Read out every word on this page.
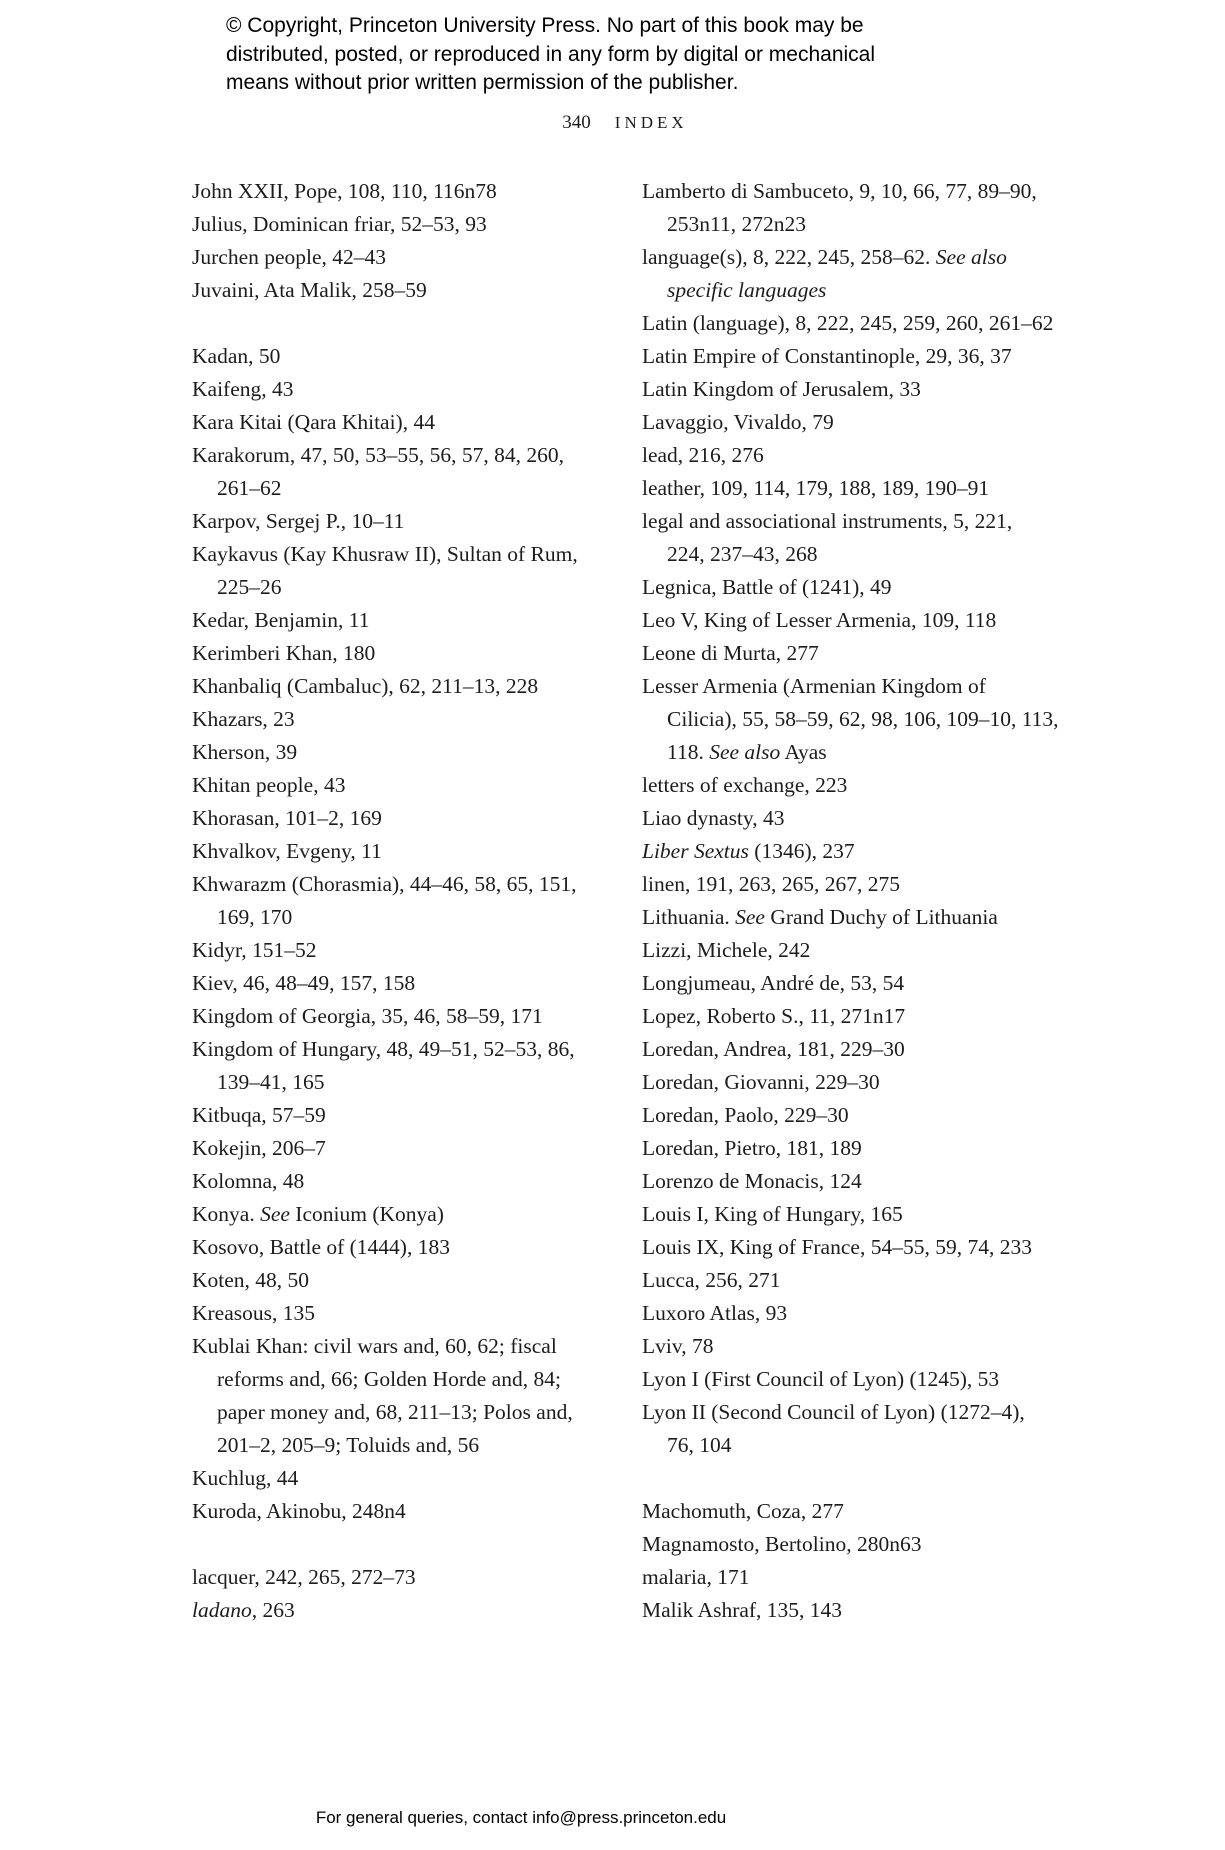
© Copyright, Princeton University Press. No part of this book may be
distributed, posted, or reproduced in any form by digital or mechanical
means without prior written permission of the publisher.
340 INDEX
John XXII, Pope, 108, 110, 116n78
Julius, Dominican friar, 52–53, 93
Jurchen people, 42–43
Juvaini, Ata Malik, 258–59
Kadan, 50
Kaifeng, 43
Kara Kitai (Qara Khitai), 44
Karakorum, 47, 50, 53–55, 56, 57, 84, 260,
261–62
Karpov, Sergej P., 10–11
Kaykavus (Kay Khusraw II), Sultan of Rum,
225–26
Kedar, Benjamin, 11
Kerimberi Khan, 180
Khanbaliq (Cambaluc), 62, 211–13, 228
Khazars, 23
Kherson, 39
Khitan people, 43
Khorasan, 101–2, 169
Khvalkov, Evgeny, 11
Khwarazm (Chorasmia), 44–46, 58, 65, 151,
169, 170
Kidyr, 151–52
Kiev, 46, 48–49, 157, 158
Kingdom of Georgia, 35, 46, 58–59, 171
Kingdom of Hungary, 48, 49–51, 52–53, 86,
139–41, 165
Kitbuqa, 57–59
Kokejin, 206–7
Kolomna, 48
Konya. See Iconium (Konya)
Kosovo, Battle of (1444), 183
Koten, 48, 50
Kreasous, 135
Kublai Khan: civil wars and, 60, 62; fiscal
reforms and, 66; Golden Horde and, 84;
paper money and, 68, 211–13; Polos and,
201–2, 205–9; Toluids and, 56
Kuchlug, 44
Kuroda, Akinobu, 248n4
lacquer, 242, 265, 272–73
ladano, 263
Lamberto di Sambuceto, 9, 10, 66, 77, 89–90,
253n11, 272n23
language(s), 8, 222, 245, 258–62. See also
specific languages
Latin (language), 8, 222, 245, 259, 260, 261–62
Latin Empire of Constantinople, 29, 36, 37
Latin Kingdom of Jerusalem, 33
Lavaggio, Vivaldo, 79
lead, 216, 276
leather, 109, 114, 179, 188, 189, 190–91
legal and associational instruments, 5, 221,
224, 237–43, 268
Legnica, Battle of (1241), 49
Leo V, King of Lesser Armenia, 109, 118
Leone di Murta, 277
Lesser Armenia (Armenian Kingdom of
Cilicia), 55, 58–59, 62, 98, 106, 109–10, 113,
118. See also Ayas
letters of exchange, 223
Liao dynasty, 43
Liber Sextus (1346), 237
linen, 191, 263, 265, 267, 275
Lithuania. See Grand Duchy of Lithuania
Lizzi, Michele, 242
Longjumeau, André de, 53, 54
Lopez, Roberto S., 11, 271n17
Loredan, Andrea, 181, 229–30
Loredan, Giovanni, 229–30
Loredan, Paolo, 229–30
Loredan, Pietro, 181, 189
Lorenzo de Monacis, 124
Louis I, King of Hungary, 165
Louis IX, King of France, 54–55, 59, 74, 233
Lucca, 256, 271
Luxoro Atlas, 93
Lviv, 78
Lyon I (First Council of Lyon) (1245), 53
Lyon II (Second Council of Lyon) (1272–4),
76, 104
Machomuth, Coza, 277
Magnamosto, Bertolino, 280n63
malaria, 171
Malik Ashraf, 135, 143
For general queries, contact info@press.princeton.edu
